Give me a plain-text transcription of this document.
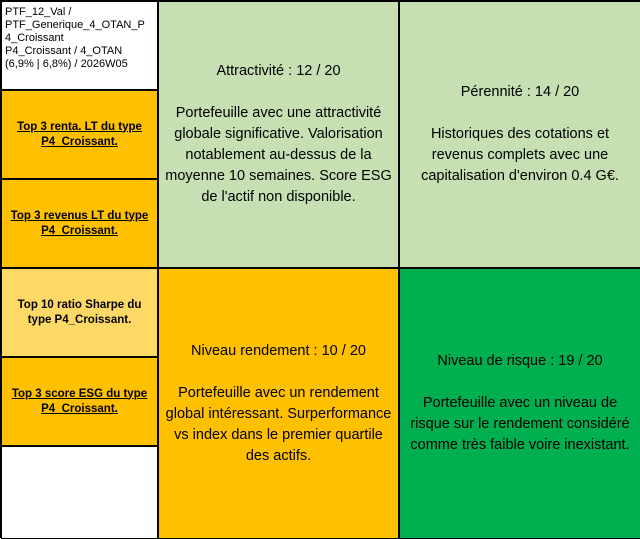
PTF_12_Val /
PTF_Generique_4_OTAN_P
4_Croissant
P4_Croissant / 4_OTAN
(6,9% | 6,8%) / 2026W05
Top 3 renta. LT du type P4_Croissant.
Top 3 revenus LT du type P4_Croissant.
Top 10 ratio Sharpe du type P4_Croissant.
Top 3 score ESG du type P4_Croissant.
Attractivité : 12 / 20
Portefeuille avec une attractivité globale significative. Valorisation notablement au-dessus de la moyenne 10 semaines. Score ESG de l'actif non disponible.
Pérennité : 14 / 20
Historiques des cotations et revenus complets avec une capitalisation d'environ 0.4 G€.
Niveau rendement : 10 / 20
Portefeuille avec un rendement global intéressant. Surperformance vs index dans le premier quartile des actifs.
Niveau de risque : 19 / 20
Portefeuille avec un niveau de risque sur le rendement considéré comme très faible voire inexistant.
